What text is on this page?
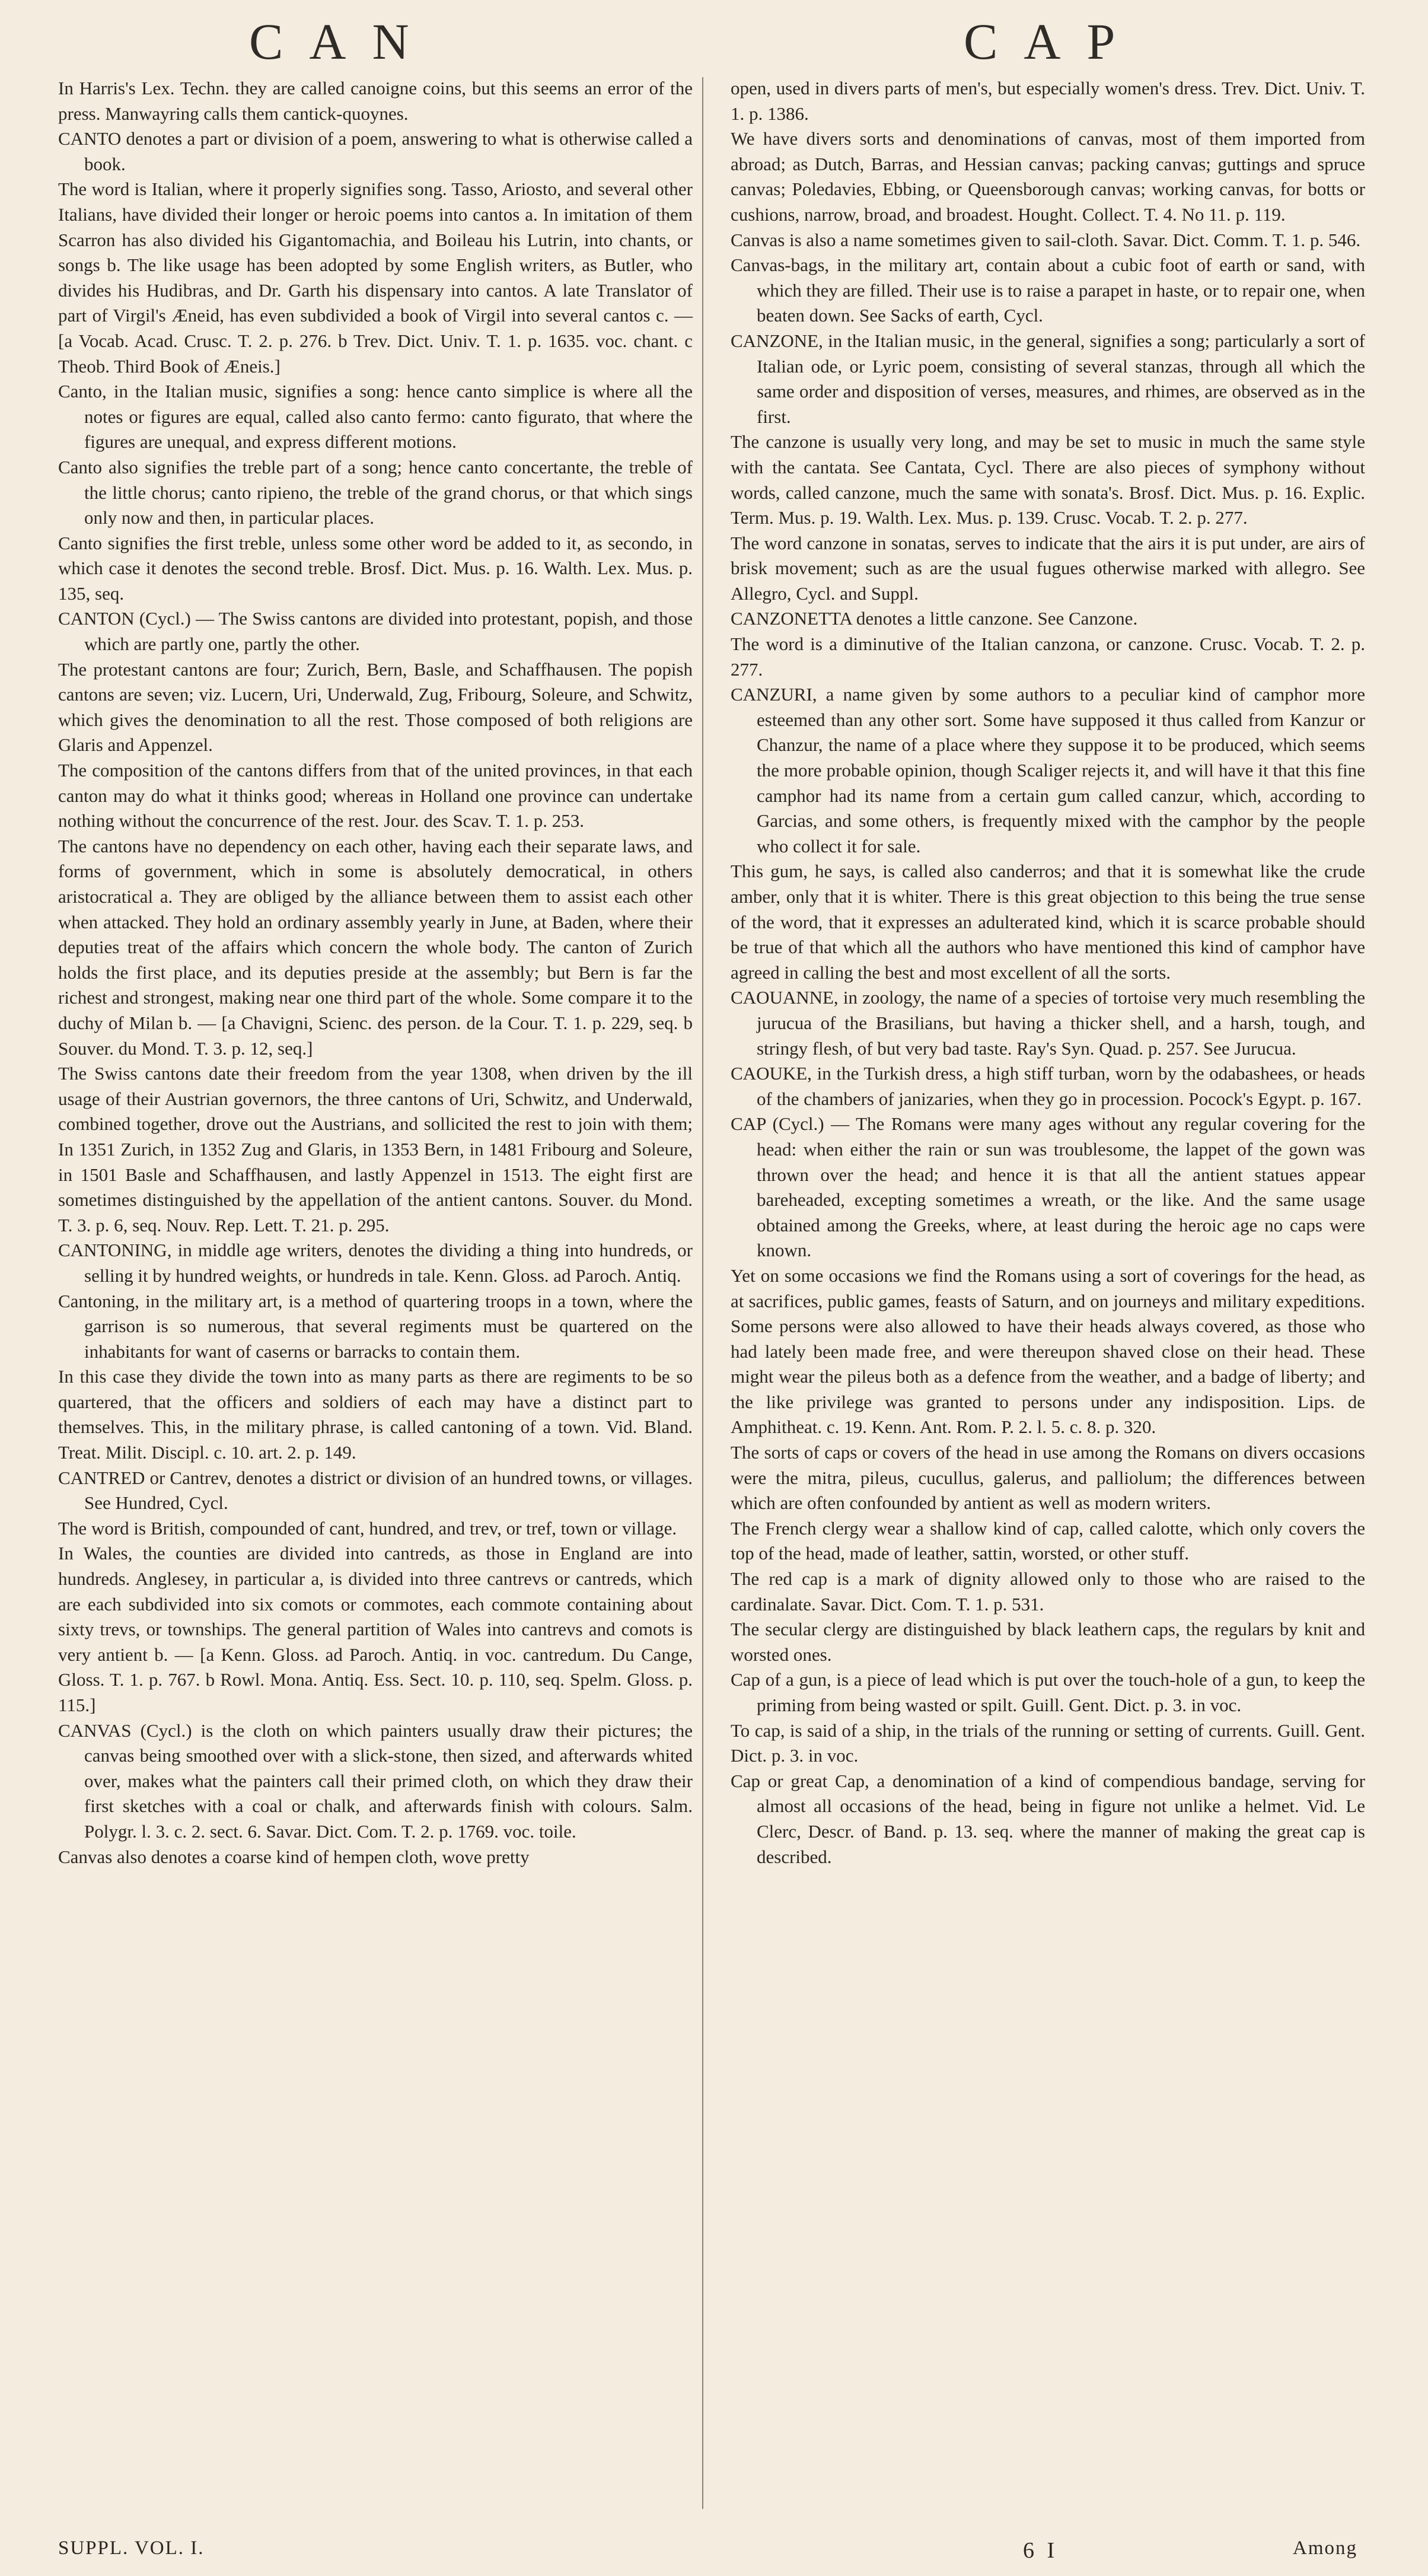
CAN	CAP

In Harris's Lex. Techn. they are called canoigne coins, but this seems an error of the press. Manwayring calls them cantick-quoynes.

CANTO denotes a part or division of a poem, answering to what is otherwise called a book.

The word is Italian, where it properly signifies song. Tasso, Ariosto, and several other Italians, have divided their longer or heroic poems into cantos a. In imitation of them Scarron has also divided his Gigantomachia, and Boileau his Lutrin, into chants, or songs b. The like usage has been adopted by some English writers, as Butler, who divides his Hudibras, and Dr. Garth his dispensary into cantos. A late Translator of part of Virgil's Æneid, has even subdivided a book of Virgil into several cantos c. — [a Vocab. Acad. Crusc. T. 2. p. 276. b Trev. Dict. Univ. T. 1. p. 1635. voc. chant. c Theob. Third Book of Æneis.]

Canto, in the Italian music, signifies a song: hence canto simplice is where all the notes or figures are equal, called also canto fermo: canto figurato, that where the figures are unequal, and express different motions.

Canto also signifies the treble part of a song; hence canto concertante, the treble of the little chorus; canto ripieno, the treble of the grand chorus, or that which sings only now and then, in particular places.

Canto signifies the first treble, unless some other word be added to it, as secondo, in which case it denotes the second treble. Brosf. Dict. Mus. p. 16. Walth. Lex. Mus. p. 135, seq.

CANTON (Cycl.) — The Swiss cantons are divided into protestant, popish, and those which are partly one, partly the other.

The protestant cantons are four; Zurich, Bern, Basle, and Schaffhausen. The popish cantons are seven; viz. Lucern, Uri, Underwald, Zug, Fribourg, Soleure, and Schwitz, which gives the denomination to all the rest. Those composed of both religions are Glaris and Appenzel.

The composition of the cantons differs from that of the united provinces, in that each canton may do what it thinks good; whereas in Holland one province can undertake nothing without the concurrence of the rest. Jour. des Scav. T. 1. p. 253.

The cantons have no dependency on each other, having each their separate laws, and forms of government, which in some is absolutely democratical, in others aristocratical a. They are obliged by the alliance between them to assist each other when attacked. They hold an ordinary assembly yearly in June, at Baden, where their deputies treat of the affairs which concern the whole body. The canton of Zurich holds the first place, and its deputies preside at the assembly; but Bern is far the richest and strongest, making near one third part of the whole. Some compare it to the duchy of Milan b. — [a Chavigni, Scienc. des person. de la Cour. T. 1. p. 229, seq. b Souver. du Mond. T. 3. p. 12, seq.]

The Swiss cantons date their freedom from the year 1308, when driven by the ill usage of their Austrian governors, the three cantons of Uri, Schwitz, and Underwald, combined together, drove out the Austrians, and sollicited the rest to join with them; In 1351 Zurich, in 1352 Zug and Glaris, in 1353 Bern, in 1481 Fribourg and Soleure, in 1501 Basle and Schaffhausen, and lastly Appenzel in 1513. The eight first are sometimes distinguished by the appellation of the antient cantons. Souver. du Mond. T. 3. p. 6, seq. Nouv. Rep. Lett. T. 21. p. 295.

CANTONING, in middle age writers, denotes the dividing a thing into hundreds, or selling it by hundred weights, or hundreds in tale. Kenn. Gloss. ad Paroch. Antiq.

Cantoning, in the military art, is a method of quartering troops in a town, where the garrison is so numerous, that several regiments must be quartered on the inhabitants for want of caserns or barracks to contain them.

In this case they divide the town into as many parts as there are regiments to be so quartered, that the officers and soldiers of each may have a distinct part to themselves. This, in the military phrase, is called cantoning of a town. Vid. Bland. Treat. Milit. Discipl. c. 10. art. 2. p. 149.

CANTRED or Cantrev, denotes a district or division of an hundred towns, or villages. See Hundred, Cycl.

The word is British, compounded of cant, hundred, and trev, or tref, town or village.

In Wales, the counties are divided into cantreds, as those in England are into hundreds. Anglesey, in particular a, is divided into three cantrevs or cantreds, which are each subdivided into six comots or commotes, each commote containing about sixty trevs, or townships. The general partition of Wales into cantrevs and comots is very antient b. — [a Kenn. Gloss. ad Paroch. Antiq. in voc. cantredum. Du Cange, Gloss. T. 1. p. 767. b Rowl. Mona. Antiq. Ess. Sect. 10. p. 110, seq. Spelm. Gloss. p. 115.]

CANVAS (Cycl.) is the cloth on which painters usually draw their pictures; the canvas being smoothed over with a slick-stone, then sized, and afterwards whited over, makes what the painters call their primed cloth, on which they draw their first sketches with a coal or chalk, and afterwards finish with colours. Salm. Polygr. l. 3. c. 2. sect. 6. Savar. Dict. Com. T. 2. p. 1769. voc. toile.

Canvas also denotes a coarse kind of hempen cloth, wove pretty

open, used in divers parts of men's, but especially women's dress. Trev. Dict. Univ. T. 1. p. 1386.

We have divers sorts and denominations of canvas, most of them imported from abroad; as Dutch, Barras, and Hessian canvas; packing canvas; guttings and spruce canvas; Poledavies, Ebbing, or Queensborough canvas; working canvas, for botts or cushions, narrow, broad, and broadest. Hought. Collect. T. 4. No 11. p. 119.

Canvas is also a name sometimes given to sail-cloth. Savar. Dict. Comm. T. 1. p. 546.

Canvas-bags, in the military art, contain about a cubic foot of earth or sand, with which they are filled. Their use is to raise a parapet in haste, or to repair one, when beaten down. See Sacks of earth, Cycl.

CANZONE, in the Italian music, in the general, signifies a song; particularly a sort of Italian ode, or Lyric poem, consisting of several stanzas, through all which the same order and disposition of verses, measures, and rhimes, are observed as in the first.

The canzone is usually very long, and may be set to music in much the same style with the cantata. See Cantata, Cycl. There are also pieces of symphony without words, called canzone, much the same with sonata's. Brosf. Dict. Mus. p. 16. Explic. Term. Mus. p. 19. Walth. Lex. Mus. p. 139. Crusc. Vocab. T. 2. p. 277.

The word canzone in sonatas, serves to indicate that the airs it is put under, are airs of brisk movement; such as are the usual fugues otherwise marked with allegro. See Allegro, Cycl. and Suppl.

CANZONETTA denotes a little canzone. See Canzone.

The word is a diminutive of the Italian canzona, or canzone. Crusc. Vocab. T. 2. p. 277.

CANZURI, a name given by some authors to a peculiar kind of camphor more esteemed than any other sort. Some have supposed it thus called from Kanzur or Chanzur, the name of a place where they suppose it to be produced, which seems the more probable opinion, though Scaliger rejects it, and will have it that this fine camphor had its name from a certain gum called canzur, which, according to Garcias, and some others, is frequently mixed with the camphor by the people who collect it for sale.

This gum, he says, is called also canderros; and that it is somewhat like the crude amber, only that it is whiter. There is this great objection to this being the true sense of the word, that it expresses an adulterated kind, which it is scarce probable should be true of that which all the authors who have mentioned this kind of camphor have agreed in calling the best and most excellent of all the sorts.

CAOUANNE, in zoology, the name of a species of tortoise very much resembling the jurucua of the Brasilians, but having a thicker shell, and a harsh, tough, and stringy flesh, of but very bad taste. Ray's Syn. Quad. p. 257. See Jurucua.

CAOUKE, in the Turkish dress, a high stiff turban, worn by the odabashees, or heads of the chambers of janizaries, when they go in procession. Pocock's Egypt. p. 167.

CAP (Cycl.) — The Romans were many ages without any regular covering for the head: when either the rain or sun was troublesome, the lappet of the gown was thrown over the head; and hence it is that all the antient statues appear bareheaded, excepting sometimes a wreath, or the like. And the same usage obtained among the Greeks, where, at least during the heroic age no caps were known.

Yet on some occasions we find the Romans using a sort of coverings for the head, as at sacrifices, public games, feasts of Saturn, and on journeys and military expeditions. Some persons were also allowed to have their heads always covered, as those who had lately been made free, and were thereupon shaved close on their head. These might wear the pileus both as a defence from the weather, and a badge of liberty; and the like privilege was granted to persons under any indisposition. Lips. de Amphitheat. c. 19. Kenn. Ant. Rom. P. 2. l. 5. c. 8. p. 320.

The sorts of caps or covers of the head in use among the Romans on divers occasions were the mitra, pileus, cucullus, galerus, and palliolum; the differences between which are often confounded by antient as well as modern writers.

The French clergy wear a shallow kind of cap, called calotte, which only covers the top of the head, made of leather, sattin, worsted, or other stuff.

The red cap is a mark of dignity allowed only to those who are raised to the cardinalate. Savar. Dict. Com. T. 1. p. 531.

The secular clergy are distinguished by black leathern caps, the regulars by knit and worsted ones.

Cap of a gun, is a piece of lead which is put over the touch-hole of a gun, to keep the priming from being wasted or spilt. Guill. Gent. Dict. p. 3. in voc.

To cap, is said of a ship, in the trials of the running or setting of currents. Guill. Gent. Dict. p. 3. in voc.

Cap or great Cap, a denomination of a kind of compendious bandage, serving for almost all occasions of the head, being in figure not unlike a helmet. Vid. Le Clerc, Descr. of Band. p. 13. seq. where the manner of making the great cap is described.

SUPPL. VOL. I.	6 I	Among
